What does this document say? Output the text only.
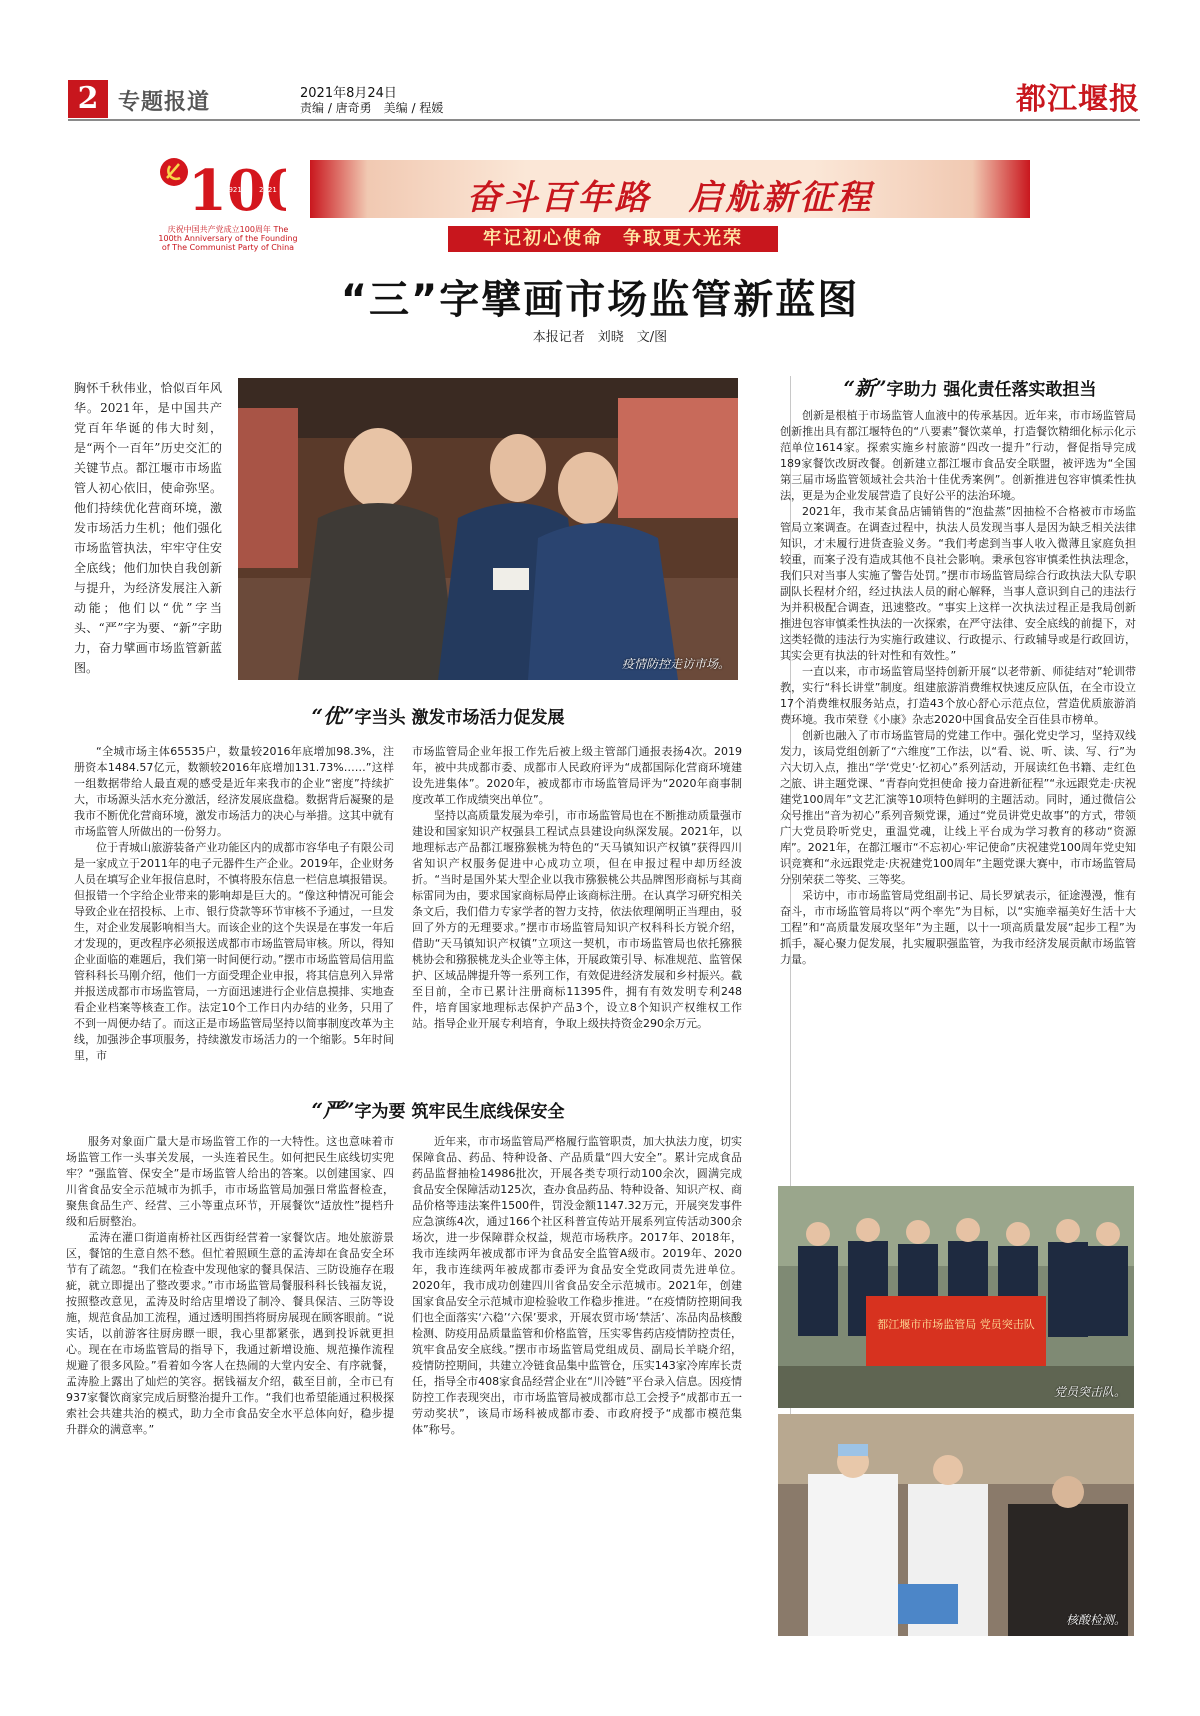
2 专题报道	2021年8月24日
责编 / 唐奇勇　美编 / 程媛	都江堰报
100
1921 2021
庆祝中国共产党成立100周年 The 100th Anniversary of the Founding of The Communist Party of China
奋斗百年路　启航新征程
牢记初心使命　争取更大光荣
“三”字擘画市场监管新蓝图
本报记者　刘晓　文/图
胸怀千秋伟业，恰似百年风华。2021年，是中国共产党百年华诞的伟大时刻，是“两个一百年”历史交汇的关键节点。都江堰市市场监管人初心依旧，使命弥坚。他们持续优化营商环境，激发市场活力生机；他们强化市场监管执法，牢牢守住安全底线；他们加快自我创新与提升，为经济发展注入新动能；他们以“优”字当头、“严”字为要、“新”字助力，奋力擘画市场监管新蓝图。	疫情防控走访市场。
“优”字当头 激发市场活力促发展

“全城市场主体65535户，数量较2016年底增加98.3%，注册资本1484.57亿元，数额较2016年底增加131.73%……”这样一组数据带给人最直观的感受是近年来我市的企业“密度”持续扩大，市场源头活水充分激活，经济发展底盘稳。数据背后凝聚的是我市不断优化营商环境，激发市场活力的决心与举措。这其中就有市场监管人所做出的一份努力。

位于青城山旅游装备产业功能区内的成都市容华电子有限公司是一家成立于2011年的电子元器件生产企业。2019年，企业财务人员在填写企业年报信息时，不慎将股东信息一栏信息填报错误。但报错一个字给企业带来的影响却是巨大的。“像这种情况可能会导致企业在招投标、上市、银行贷款等环节审核不予通过，一旦发生，对企业发展影响相当大。而该企业的这个失误是在事发一年后才发现的，更改程序必须报送成都市市场监管局审核。所以，得知企业面临的难题后，我们第一时间便行动。”摆市市场监管局信用监管科科长马刚介绍，他们一方面受理企业申报，将其信息列入异常并报送成都市市场监管局，一方面迅速进行企业信息摸排、实地查看企业档案等核查工作。法定10个工作日内办结的业务，只用了不到一周便办结了。而这正是市场监管局坚持以简事制度改革为主线，加强涉企事项服务，持续激发市场活力的一个缩影。5年时间里，市

市场监管局企业年报工作先后被上级主管部门通报表扬4次。2019年，被中共成都市委、成都市人民政府评为“成都国际化营商环境建设先进集体”。2020年，被成都市市场监管局评为“2020年商事制度改革工作成绩突出单位”。

坚持以高质量发展为牵引，市市场监管局也在不断推动质量强市建设和国家知识产权强县工程试点县建设向纵深发展。2021年，以地理标志产品都江堰猕猴桃为特色的“天马镇知识产权镇”获得四川省知识产权服务促进中心成功立项，但在申报过程中却历经波折。“当时是国外某大型企业以我市猕猴桃公共品牌图形商标与其商标雷同为由，要求国家商标局停止该商标注册。在认真学习研究相关条文后，我们借力专家学者的智力支持，依法依理阐明正当理由，驳回了外方的无理要求。”摆市市场监管局知识产权科科长方锐介绍，借助“天马镇知识产权镇”立项这一契机，市市场监管局也依托猕猴桃协会和猕猴桃龙头企业等主体，开展政策引导、标准规范、监管保护、区域品牌提升等一系列工作，有效促进经济发展和乡村振兴。截至目前，全市已累计注册商标11395件，拥有有效发明专利248件，培育国家地理标志保护产品3个，设立8个知识产权维权工作站。指导企业开展专利培育，争取上级扶持资金290余万元。

“严”字为要 筑牢民生底线保安全

服务对象面广量大是市场监管工作的一大特性。这也意味着市场监管工作一头事关发展，一头连着民生。如何把民生底线切实兜牢？“强监管、保安全”是市场监管人给出的答案。以创建国家、四川省食品安全示范城市为抓手，市市场监管局加强日常监督检查，聚焦食品生产、经营、三小等重点环节，开展餐饮“适放性”提档升级和后厨整治。

孟涛在灌口街道南桥社区西街经营着一家餐饮店。地处旅游景区，餐馆的生意自然不愁。但忙着照顾生意的孟涛却在食品安全环节有了疏忽。“我们在检查中发现他家的餐具保洁、三防设施存在瑕疵，就立即提出了整改要求。”市市场监管局餐服科科长钱福友说，按照整改意见，孟涛及时给店里增设了制冷、餐具保洁、三防等设施，规范食品加工流程，通过透明围挡将厨房展现在顾客眼前。“说实话，以前游客往厨房瞟一眼，我心里都紧张，遇到投诉就更担心。现在在市场监管局的指导下，我通过新增设施、规范操作流程规避了很多风险。”看着如今客人在热闹的大堂内安全、有序就餐，孟涛脸上露出了灿烂的笑容。据钱福友介绍，截至目前，全市已有937家餐饮商家完成后厨整治提升工作。“我们也希望能通过积极探索社会共建共治的模式，助力全市食品安全水平总体向好，稳步提升群众的满意率。”

近年来，市市场监管局严格履行监管职责，加大执法力度，切实保障食品、药品、特种设备、产品质量“四大安全”。累计完成食品药品监督抽检14986批次，开展各类专项行动100余次，圆满完成食品安全保障活动125次，查办食品药品、特种设备、知识产权、商品价格等违法案件1500件，罚没金额1147.32万元，开展突发事件应急演练4次，通过166个社区科普宣传站开展系列宣传活动300余场次，进一步保障群众权益，规范市场秩序。2017年、2018年，我市连续两年被成都市评为食品安全监管A级市。2019年、2020年，我市连续两年被成都市委评为食品安全党政同责先进单位。2020年，我市成功创建四川省食品安全示范城市。2021年，创建国家食品安全示范城市迎检验收工作稳步推进。“在疫情防控期间我们也全面落实‘六稳’‘六保’要求，开展农贸市场‘禁活’、冻品肉品核酸检测、防疫用品质量监管和价格监管，压实零售药店疫情防控责任，筑牢食品安全底线。”摆市市场监管局党组成员、副局长羊晓介绍，疫情防控期间，共建立冷链食品集中监管仓，压实143家冷库库长责任，指导全市408家食品经营企业在“川冷链”平台录入信息。因疫情防控工作表现突出，市市场监管局被成都市总工会授予“成都市五一劳动奖状”，该局市场科被成都市委、市政府授予“成都市模范集体”称号。

“新”字助力 强化责任落实敢担当

创新是根植于市场监管人血液中的传承基因。近年来，市市场监管局创新推出具有都江堰特色的“八要素”餐饮菜单，打造餐饮精细化标示化示范单位1614家。探索实施乡村旅游“四改一提升”行动，督促指导完成189家餐饮改厨改餐。创新建立都江堰市食品安全联盟，被评选为“全国第三届市场监管领域社会共治十佳优秀案例”。创新推进包容审慎柔性执法，更是为企业发展营造了良好公平的法治环境。

2021年，我市某食品店铺销售的“泡盐蒸”因抽检不合格被市市场监管局立案调查。在调查过程中，执法人员发现当事人是因为缺乏相关法律知识，才未履行进货查验义务。“我们考虑到当事人收入微薄且家庭负担较重，而案子没有造成其他不良社会影响。秉承包容审慎柔性执法理念，我们只对当事人实施了警告处罚。”摆市市场监管局综合行政执法大队专职副队长程材介绍，经过执法人员的耐心解释，当事人意识到自己的违法行为并积极配合调查，迅速整改。“事实上这样一次执法过程正是我局创新推进包容审慎柔性执法的一次探索，在严守法律、安全底线的前提下，对这类轻微的违法行为实施行政建议、行政提示、行政辅导或是行政回访，其实会更有执法的针对性和有效性。”

一直以来，市市场监管局坚持创新开展“以老带新、师徒结对”轮训带教，实行“科长讲堂”制度。组建旅游消费维权快速反应队伍，在全市设立17个消费维权服务站点，打造43个放心舒心示范点位，营造优质旅游消费环境。我市荣登《小康》杂志2020中国食品安全百佳县市榜单。

创新也融入了市市场监管局的党建工作中。强化党史学习，坚持双线发力，该局党组创新了“六维度”工作法，以“看、说、听、读、写、行”为六大切入点，推出“学‘党史’·忆初心”系列活动，开展读红色书籍、走红色之旅、讲主题党课、“青春向党担使命 接力奋进新征程”“永远跟党走·庆祝建党100周年”文艺汇演等10项特色鲜明的主题活动。同时，通过微信公众号推出“音为初心”系列音频党课，通过“党员讲党史故事”的方式，带领广大党员聆听党史，重温党魂，让线上平台成为学习教育的移动“资源库”。2021年，在都江堰市“不忘初心·牢记使命”庆祝建党100周年党史知识竞赛和“永远跟党走·庆祝建党100周年”主题党课大赛中，市市场监管局分别荣获二等奖、三等奖。

采访中，市市场监管局党组副书记、局长罗斌表示，征途漫漫，惟有奋斗，市市场监管局将以“两个率先”为目标，以“实施幸福美好生活十大工程”和“高质量发展攻坚年”为主题，以十一项高质量发展“起步工程”为抓手，凝心聚力促发展，扎实履职强监管，为我市经济发展贡献市场监管力量。

都江堰市市场监管局 党员突击队
党员突击队。
核酸检测。
